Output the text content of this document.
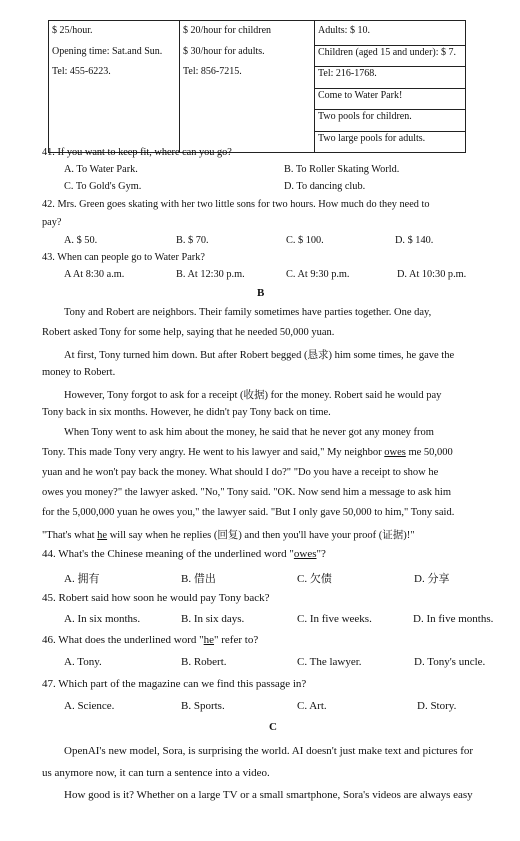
$ 25/hour.
Opening time: Sat.and Sun.
Tel: 455-6223.

$ 20/hour for children
$ 30/hour for adults.
Tel: 856-7215.

Adults: $ 10.
Children (aged 15 and under): $ 7.
Tel: 216-1768.
Come to Water Park!
Two pools for children.
Two large pools for adults.
41. If you want to keep fit, where can you go?
A. To Water Park.	B. To Roller Skating World.
C. To Gold's Gym.	D. To dancing club.
42. Mrs. Green goes skating with her two little sons for two hours. How much do they need to
pay?
A. $ 50.	B. $ 70.	C. $ 100.	D. $ 140.
43. When can people go to Water Park?
A At 8:30 a.m.	B. At 12:30 p.m.	C. At 9:30 p.m.	D. At 10:30 p.m.
B
Tony and Robert are neighbors. Their family sometimes have parties together. One day,
Robert asked Tony for some help, saying that he needed 50,000 yuan.
At first, Tony turned him down. But after Robert begged (恳求) him some times, he gave the
money to Robert.
However, Tony forgot to ask for a receipt (收据) for the money. Robert said he would pay
Tony back in six months. However, he didn't pay Tony back on time.
When Tony went to ask him about the money, he said that he never got any money from
Tony. This made Tony very angry. He went to his lawyer and said," My neighbor owes me 50,000
yuan and he won't pay back the money. What should I do?" "Do you have a receipt to show he
owes you money?" the lawyer asked. "No," Tony said. "OK. Now send him a message to ask him
for the 5,000,000 yuan he owes you," the lawyer said. "But I only gave 50,000 to him," Tony said.
"That's what he will say when he replies (回复) and then you'll have your proof (证据)!"
44. What's the Chinese meaning of the underlined word "owes"?
A. 拥有	B. 借出	C. 欠债	D. 分享
45. Robert said how soon he would pay Tony back?
A. In six months.	B. In six days.	C. In five weeks.	D. In five months.
46. What does the underlined word "he" refer to?
A. Tony.	B. Robert.	C. The lawyer.	D. Tony's uncle.
47. Which part of the magazine can we find this passage in?
A. Science.	B. Sports.	C. Art.	D. Story.
C
OpenAI's new model, Sora, is surprising the world. AI doesn't just make text and pictures for
us anymore now, it can turn a sentence into a video.
How good is it? Whether on a large TV or a small smartphone, Sora's videos are always easy
